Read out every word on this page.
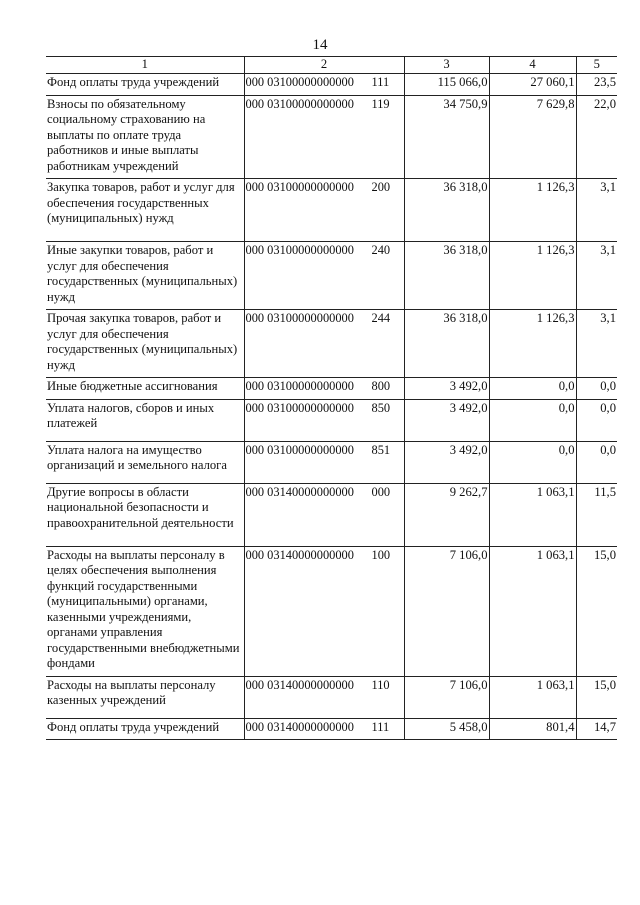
14
1	2	3	4	5
Фонд оплаты труда учреждений	000 03100000000000 111	115 066,0	27 060,1	23,5
Взносы по обязательному социальному страхованию на выплаты по оплате труда работников и иные выплаты работникам учреждений	000 03100000000000 119	34 750,9	7 629,8	22,0
Закупка товаров, работ и услуг для обеспечения государственных (муниципальных) нужд	000 03100000000000 200	36 318,0	1 126,3	3,1
Иные закупки товаров, работ и услуг для обеспечения государственных (муниципальных) нужд	000 03100000000000 240	36 318,0	1 126,3	3,1
Прочая закупка товаров, работ и услуг для обеспечения государственных (муниципальных) нужд	000 03100000000000 244	36 318,0	1 126,3	3,1
Иные бюджетные ассигнования	000 03100000000000 800	3 492,0	0,0	0,0
Уплата налогов, сборов и иных платежей	000 03100000000000 850	3 492,0	0,0	0,0
Уплата налога на имущество организаций и земельного налога	000 03100000000000 851	3 492,0	0,0	0,0
Другие вопросы в области национальной безопасности и правоохранительной деятельности	000 03140000000000 000	9 262,7	1 063,1	11,5
Расходы на выплаты персоналу в целях обеспечения выполнения функций государственными (муниципальными) органами, казенными учреждениями, органами управления государственными внебюджетными фондами	000 03140000000000 100	7 106,0	1 063,1	15,0
Расходы на выплаты персоналу казенных учреждений	000 03140000000000 110	7 106,0	1 063,1	15,0
Фонд оплаты труда учреждений	000 03140000000000 111	5 458,0	801,4	14,7
